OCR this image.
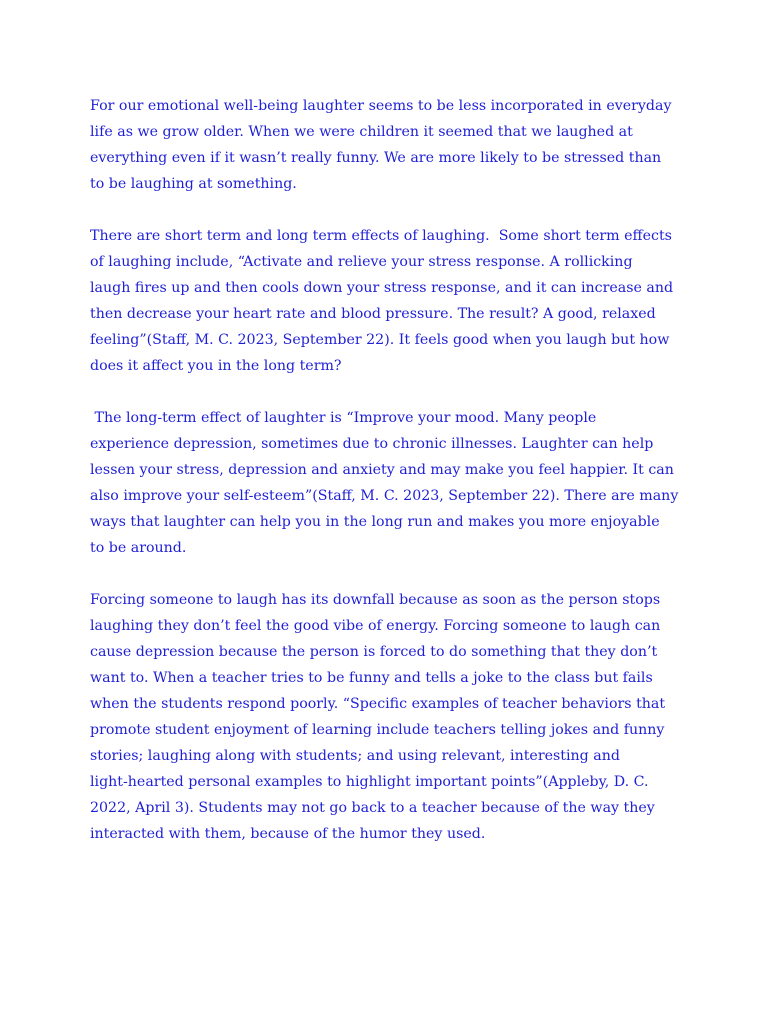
For our emotional well-being laughter seems to be less incorporated in everyday
life as we grow older. When we were children it seemed that we laughed at
everything even if it wasn’t really funny. We are more likely to be stressed than
to be laughing at something.
There are short term and long term effects of laughing.  Some short term effects
of laughing include, “Activate and relieve your stress response. A rollicking
laugh fires up and then cools down your stress response, and it can increase and
then decrease your heart rate and blood pressure. The result? A good, relaxed
feeling”(Staff, M. C. 2023, September 22). It feels good when you laugh but how
does it affect you in the long term?
The long-term effect of laughter is “Improve your mood. Many people
experience depression, sometimes due to chronic illnesses. Laughter can help
lessen your stress, depression and anxiety and may make you feel happier. It can
also improve your self-esteem”(Staff, M. C. 2023, September 22). There are many
ways that laughter can help you in the long run and makes you more enjoyable
to be around.
Forcing someone to laugh has its downfall because as soon as the person stops
laughing they don’t feel the good vibe of energy. Forcing someone to laugh can
cause depression because the person is forced to do something that they don’t
want to. When a teacher tries to be funny and tells a joke to the class but fails
when the students respond poorly. “Specific examples of teacher behaviors that
promote student enjoyment of learning include teachers telling jokes and funny
stories; laughing along with students; and using relevant, interesting and
light-hearted personal examples to highlight important points”(Appleby, D. C.
2022, April 3). Students may not go back to a teacher because of the way they
interacted with them, because of the humor they used.
